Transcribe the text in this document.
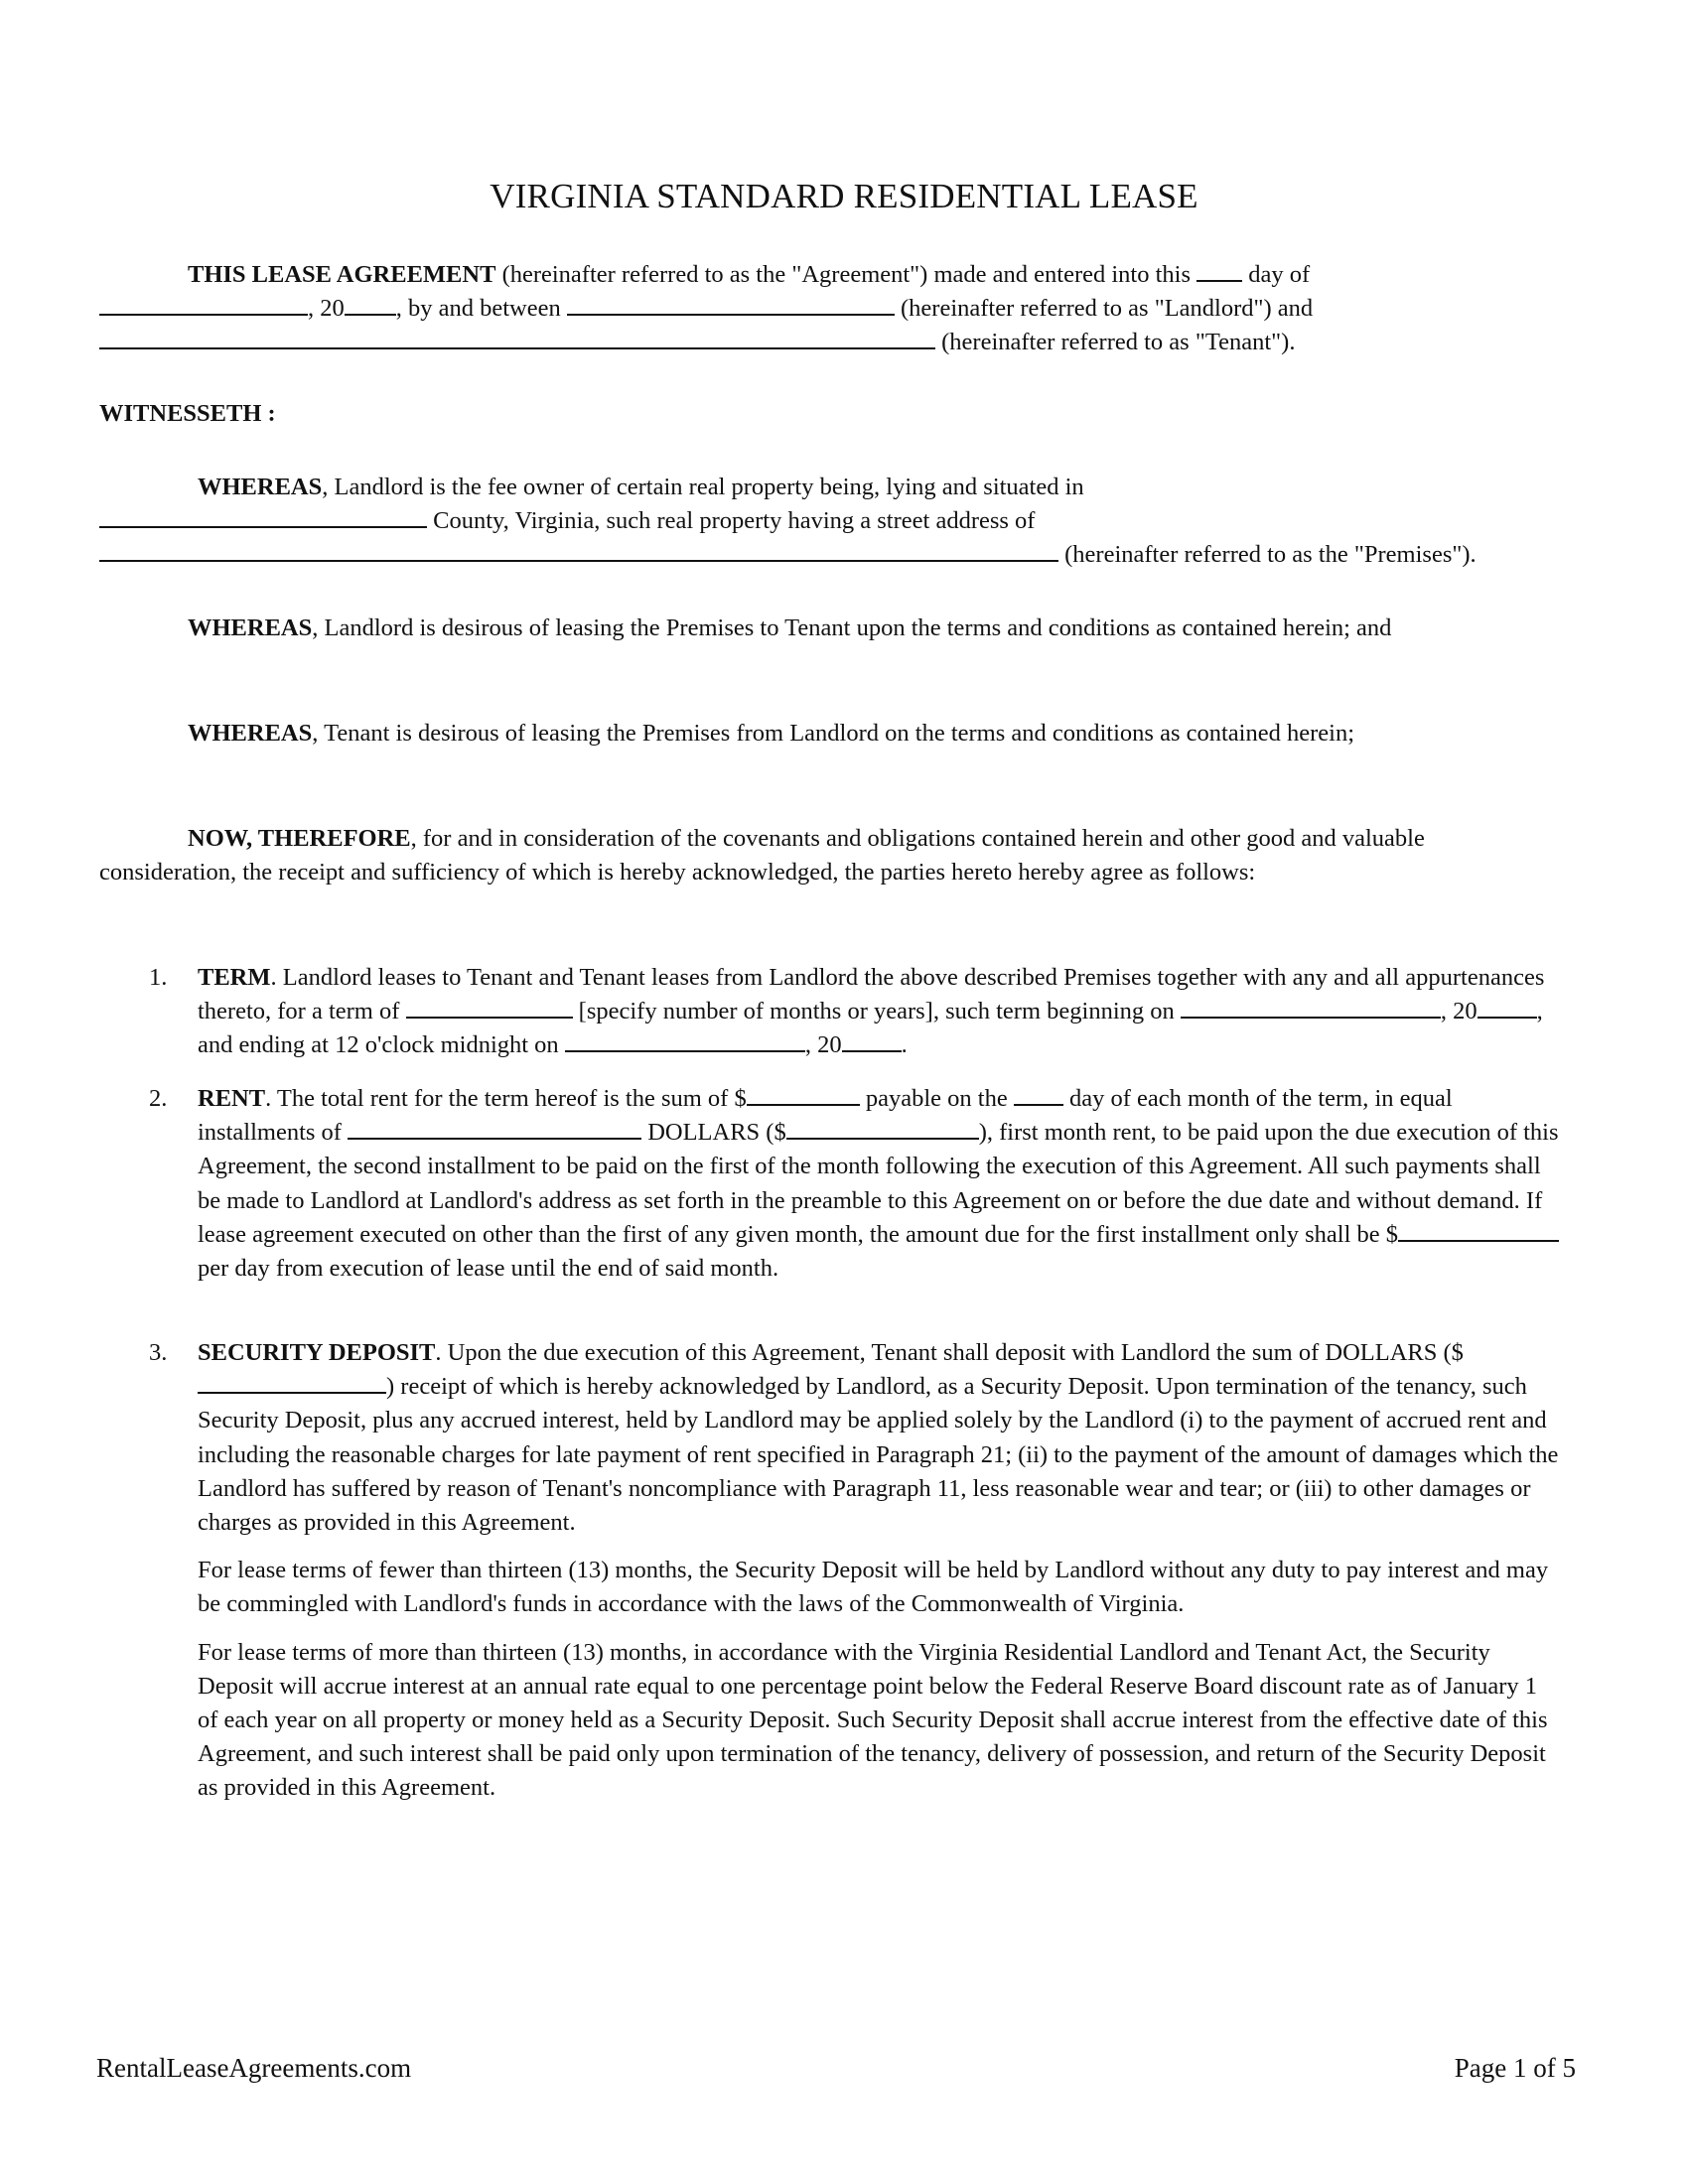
VIRGINIA STANDARD RESIDENTIAL LEASE
THIS LEASE AGREEMENT (hereinafter referred to as the "Agreement") made and entered into this  day of
, 20 , by and between	(hereinafter referred to as "Landlord") and
(hereinafter referred to as "Tenant").
WITNESSETH :
WHEREAS, Landlord is the fee owner of certain real property being, lying and situated in
County, Virginia, such real property having a street address of
(hereinafter referred to as the "Premises").
WHEREAS, Landlord is desirous of leasing the Premises to Tenant upon the terms and conditions as contained herein; and
WHEREAS, Tenant is desirous of leasing the Premises from Landlord on the terms and conditions as contained herein;
NOW, THEREFORE, for and in consideration of the covenants and obligations contained herein and other good and valuable consideration, the receipt and sufficiency of which is hereby acknowledged, the parties hereto hereby agree as follows:
1. TERM. Landlord leases to Tenant and Tenant leases from Landlord the above described Premises together with any and all appurtenances thereto, for a term of	[specify number of months or years], such term beginning on	, 20 , and ending at 12 o'clock midnight on	, 20 .
2. RENT. The total rent for the term hereof is the sum of $	payable on the  day of each month of the term, in equal installments of	DOLLARS ($	), first month rent, to be paid upon the due execution of this Agreement, the second installment to be paid on the first of the month following the execution of this Agreement. All such payments shall be made to Landlord at Landlord's address as set forth in the preamble to this Agreement on or before the due date and without demand. If lease agreement executed on other than the first of any given month, the amount due for the first installment only shall be $ per day from execution of lease until the end of said month.
3. SECURITY DEPOSIT. Upon the due execution of this Agreement, Tenant shall deposit with Landlord the sum of DOLLARS ($) receipt of which is hereby acknowledged by Landlord, as a Security Deposit. Upon termination of the tenancy, such Security Deposit, plus any accrued interest, held by Landlord may be applied solely by the Landlord (i) to the payment of accrued rent and including the reasonable charges for late payment of rent specified in Paragraph 21; (ii) to the payment of the amount of damages which the Landlord has suffered by reason of Tenant's noncompliance with Paragraph 11, less reasonable wear and tear; or (iii) to other damages or charges as provided in this Agreement.
For lease terms of fewer than thirteen (13) months, the Security Deposit will be held by Landlord without any duty to pay interest and may be commingled with Landlord's funds in accordance with the laws of the Commonwealth of Virginia.
For lease terms of more than thirteen (13) months, in accordance with the Virginia Residential Landlord and Tenant Act, the Security Deposit will accrue interest at an annual rate equal to one percentage point below the Federal Reserve Board discount rate as of January 1 of each year on all property or money held as a Security Deposit. Such Security Deposit shall accrue interest from the effective date of this Agreement, and such interest shall be paid only upon termination of the tenancy, delivery of possession, and return of the Security Deposit as provided in this Agreement.
RentalLeaseAgreements.com	Page 1 of 5
